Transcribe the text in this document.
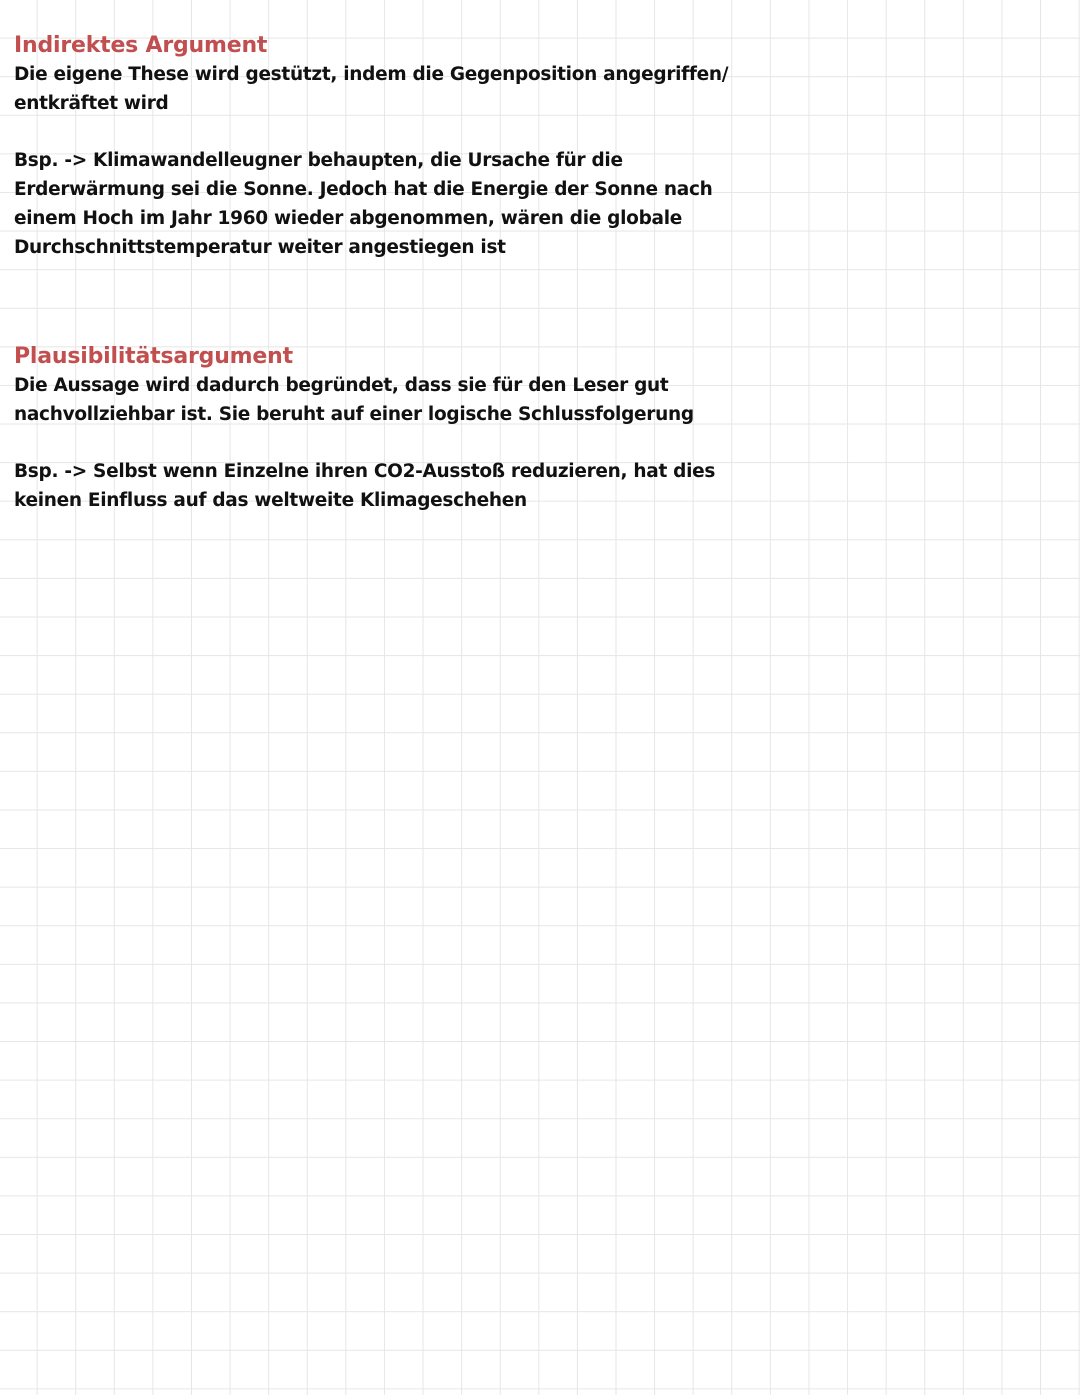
Indirektes Argument

Die eigene These wird gestützt, indem die Gegenposition angegriffen/

entkräftet wird

Bsp. -> Klimawandelleugner behaupten, die Ursache für die

Erderwärmung sei die Sonne. Jedoch hat die Energie der Sonne nach

einem Hoch im Jahr 1960 wieder abgenommen, wären die globale

Durchschnittstemperatur weiter angestiegen ist

Plausibilitätsargument

Die Aussage wird dadurch begründet, dass sie für den Leser gut

nachvollziehbar ist. Sie beruht auf einer logische Schlussfolgerung

Bsp. -> Selbst wenn Einzelne ihren CO2-Ausstoß reduzieren, hat dies

keinen Einfluss auf das weltweite Klimageschehen
